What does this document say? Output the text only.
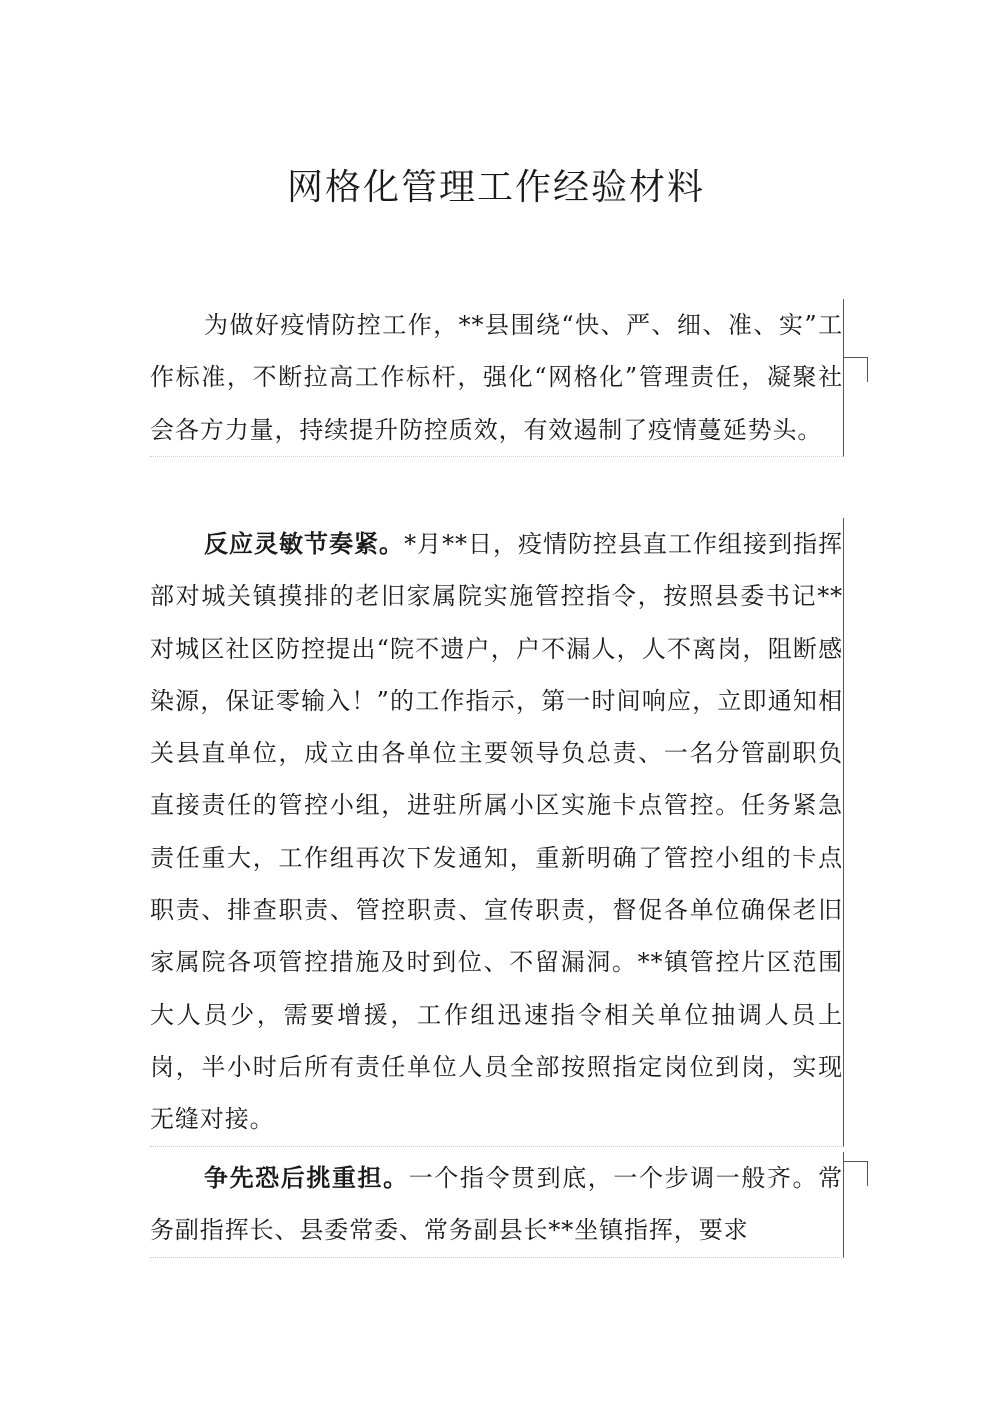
网格化管理工作经验材料

为做好疫情防控工作，**县围绕“快、严、细、准、实”工作标准，不断拉高工作标杆，强化“网格化”管理责任，凝聚社会各方力量，持续提升防控质效，有效遏制了疫情蔓延势头。

反应灵敏节奏紧。*月**日，疫情防控县直工作组接到指挥部对城关镇摸排的老旧家属院实施管控指令，按照县委书记**对城区社区防控提出“院不遗户，户不漏人，人不离岗，阻断感染源，保证零输入！”的工作指示，第一时间响应，立即通知相关县直单位，成立由各单位主要领导负总责、一名分管副职负直接责任的管控小组，进驻所属小区实施卡点管控。任务紧急责任重大，工作组再次下发通知，重新明确了管控小组的卡点职责、排查职责、管控职责、宣传职责，督促各单位确保老旧家属院各项管控措施及时到位、不留漏洞。**镇管控片区范围大人员少，需要增援，工作组迅速指令相关单位抽调人员上岗，半小时后所有责任单位人员全部按照指定岗位到岗，实现无缝对接。

争先恐后挑重担。一个指令贯到底，一个步调一般齐。常务副指挥长、县委常委、常务副县长**坐镇指挥，要求
